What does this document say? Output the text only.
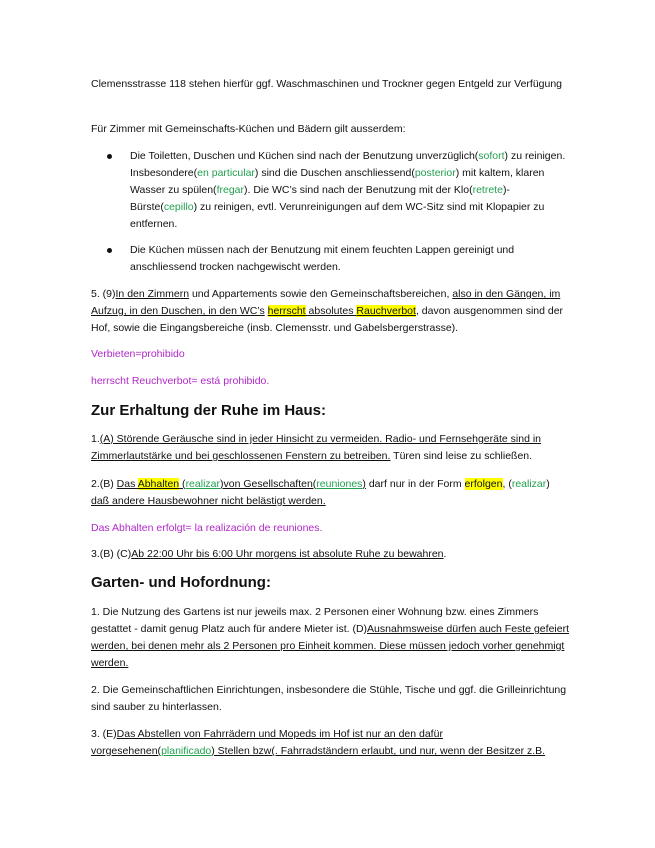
Clemensstrasse 118 stehen hierfür ggf. Waschmaschinen und Trockner gegen Entgeld zur Verfügung

Für Zimmer mit Gemeinschafts-Küchen und Bädern gilt ausserdem:

Die Toiletten, Duschen und Küchen sind nach der Benutzung unverzüglich(sofort) zu reinigen. Insbesondere(en particular) sind die Duschen anschliessend(posterior) mit kaltem, klaren Wasser zu spülen(fregar). Die WC’s sind nach der Benutzung mit der Klo(retrete)-Bürste(cepillo) zu reinigen, evtl. Verunreinigungen auf dem WC-Sitz sind mit Klopapier zu entfernen.
Die Küchen müssen nach der Benutzung mit einem feuchten Lappen gereinigt und anschliessend trocken nachgewischt werden.

5. (9)In den Zimmern und Appartements sowie den Gemeinschaftsbereichen, also in den Gängen, im Aufzug, in den Duschen, in den WC’s herrscht absolutes Rauchverbot, davon ausgenommen sind der Hof, sowie die Eingangsbereiche (insb. Clemensstr. und Gabelsbergerstrasse).

Verbieten=prohibido

herrscht Reuchverbot= está prohibido.

Zur Erhaltung der Ruhe im Haus:

1.(A) Störende Geräusche sind in jeder Hinsicht zu vermeiden. Radio- und Fernsehgeräte sind in Zimmerlautstärke und bei geschlossenen Fenstern zu betreiben. Türen sind leise zu schließen.

2.(B) Das Abhalten (realizar)von Gesellschaften(reuniones) darf nur in der Form erfolgen, (realizar) daß andere Hausbewohner nicht belästigt werden.

Das Abhalten erfolgt= la realización de reuniones.

3.(B) (C)Ab 22:00 Uhr bis 6:00 Uhr morgens ist absolute Ruhe zu bewahren.

Garten- und Hofordnung:

1. Die Nutzung des Gartens ist nur jeweils max. 2 Personen einer Wohnung bzw. eines Zimmers gestattet - damit genug Platz auch für andere Mieter ist. (D)Ausnahmsweise dürfen auch Feste gefeiert werden, bei denen mehr als 2 Personen pro Einheit kommen. Diese müssen jedoch vorher genehmigt werden.

2. Die Gemeinschaftlichen Einrichtungen, insbesondere die Stühle, Tische und ggf. die Grilleinrichtung sind sauber zu hinterlassen.

3. (E)Das Abstellen von Fahrrädern und Mopeds im Hof ist nur an den dafür vorgesehenen(planificado) Stellen bzw(. Fahrradständern erlaubt, und nur, wenn der Besitzer z.B.
